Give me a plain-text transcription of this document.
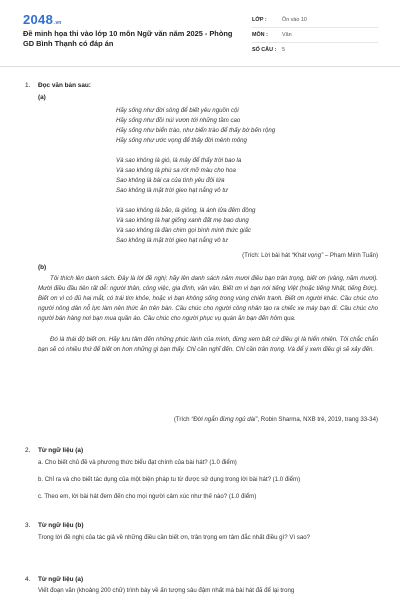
2048 .vn
Đề minh họa thi vào lớp 10 môn Ngữ văn năm 2025 - Phòng GD Bình Thạnh có đáp án
LỚP :	Ôn vào 10
MÔN :	Văn
SỐ CÂU :	5
1.	Đọc văn bản sau:
(a)
Hãy sống như đời sông để biết yêu nguồn cội
Hãy sống như đồi núi vươn tới những tầm cao
Hãy sống như biển trào, như biển trào để thấy bờ bến rộng
Hãy sống như ước vọng để thấy đời mênh mông
Và sao không là gió, là mây để thấy trời bao la
Và sao không là phù sa rót mỡ màu cho hoa
Sao không là bài ca của tình yêu đôi lứa
Sao không là mặt trời gieo hạt nắng vô tư
Và sao không là bão, là giông, là ánh lửa đêm đông
Và sao không là hạt giống xanh đất mẹ bao dung
Và sao không là đàn chim gọi bình minh thức giấc
Sao không là mặt trời gieo hạt nắng vô tư
(Trích: Lời bài hát “Khát vọng” – Phạm Minh Tuấn)
(b)
Tôi thích lên danh sách. Đây là lời đề nghị: hãy lên danh sách năm mươi điều bạn trân trọng, biết ơn (vâng, năm mươi). Mười điều đầu tiên rất dễ: người thân, công việc, gia đình, văn vân. Biết ơn vì bạn nói tiếng Việt (hoặc tiếng Nhật, tiếng Đức). Biết ơn vì có đủ hai mắt, có trái tim khỏe, hoặc vì bạn không sống trong vùng chiến tranh. Biết ơn người khác. Cầu chúc cho người nông dân nỗ lực làm nên thức ăn trên bàn. Cầu chúc cho người công nhân tạo ra chiếc xe máy bạn đi. Cầu chúc cho người bán hàng nơi bạn mua quần áo. Cầu chúc cho người phục vụ quán ăn bạn đến hôm qua.
Đó là thái độ biết ơn. Hãy lưu tâm đến những phúc lành của mình, đừng xem bất cứ điều gì là hiển nhiên. Tôi chắc chắn bạn sẽ có nhiều thứ để biết ơn hơn những gì bạn thấy. Chỉ cần nghĩ đến. Chỉ cần trân trọng. Và để ý xem điều gì sẽ xảy đến.
(Trích “Đời ngắn đừng ngủ dài”, Robin Sharma, NXB trẻ, 2019, trang 33-34)
2.	Từ ngữ liệu (a)
a. Cho biết chủ đề và phương thức biểu đạt chính của bài hát? (1.0 điểm)
b. Chỉ ra và cho biết tác dụng của một biện pháp tu từ được sử dụng trong lời bài hát? (1.0 điểm)
c. Theo em, lời bài hát đem đến cho mọi người cảm xúc như thế nào? (1.0 điểm)
3.	Từ ngữ liệu (b)
Trong lời đề nghị của tác giả về những điều cần biết ơn, trân trọng em tâm đắc nhất điều gì? Vì sao?
4.	Từ ngữ liệu (a)
Viết đoạn văn (khoảng 200 chữ) trình bày về ấn tượng sâu đậm nhất mà bài hát đã để lại trong
